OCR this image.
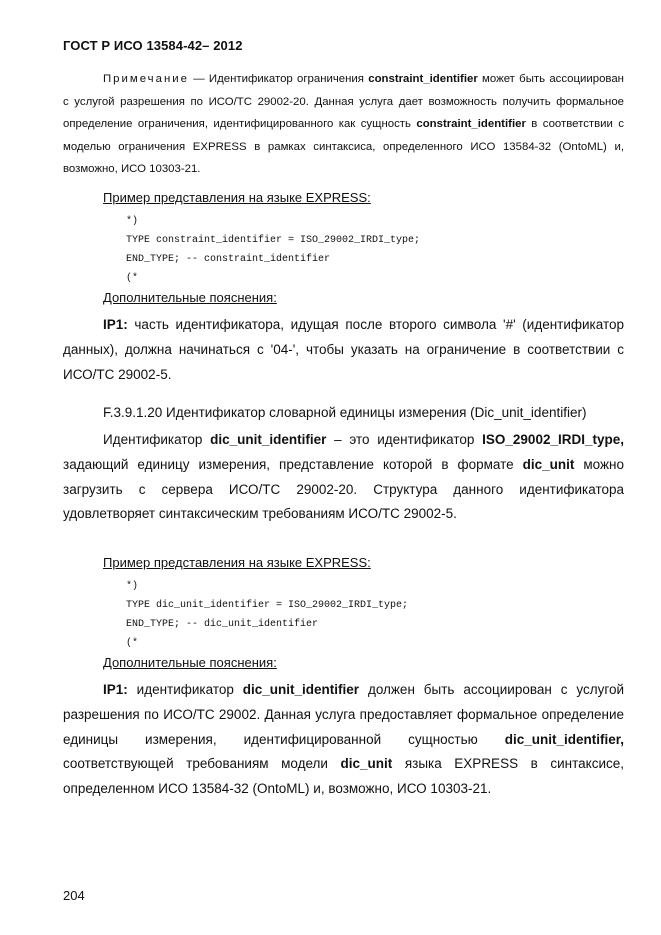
ГОСТ Р ИСО 13584-42– 2012

Примечание — Идентификатор ограничения constraint_identifier может быть ассоциирован с услугой разрешения по ИСО/ТС 29002-20. Данная услуга дает возможность получить формальное определение ограничения, идентифицированного как сущность constraint_identifier в соответствии с моделью ограничения EXPRESS в рамках синтаксиса, определенного ИСО 13584-32 (OntoML) и, возможно, ИСО 10303-21.

Пример представления на языке EXPRESS:
*)
TYPE constraint_identifier = ISO_29002_IRDI_type;
END_TYPE; -- constraint_identifier
(*
Дополнительные пояснения:

IP1: часть идентификатора, идущая после второго символа '#' (идентификатор данных), должна начинаться с '04-', чтобы указать на ограничение в соответствии с ИСО/ТС 29002-5.

F.3.9.1.20 Идентификатор словарной единицы измерения (Dic_unit_identifier)

Идентификатор dic_unit_identifier – это идентификатор ISO_29002_IRDI_type, задающий единицу измерения, представление которой в формате dic_unit можно загрузить с сервера ИСО/ТС 29002-20. Структура данного идентификатора удовлетворяет синтаксическим требованиям ИСО/ТС 29002-5.

Пример представления на языке EXPRESS:
*)
TYPE dic_unit_identifier = ISO_29002_IRDI_type;
END_TYPE; -- dic_unit_identifier
(*
Дополнительные пояснения:

IP1: идентификатор dic_unit_identifier должен быть ассоциирован с услугой разрешения по ИСО/ТС 29002. Данная услуга предоставляет формальное определение единицы измерения, идентифицированной сущностью dic_unit_identifier, соответствующей требованиям модели dic_unit языка EXPRESS в синтаксисе, определенном ИСО 13584-32 (OntoML) и, возможно, ИСО 10303-21.

204
